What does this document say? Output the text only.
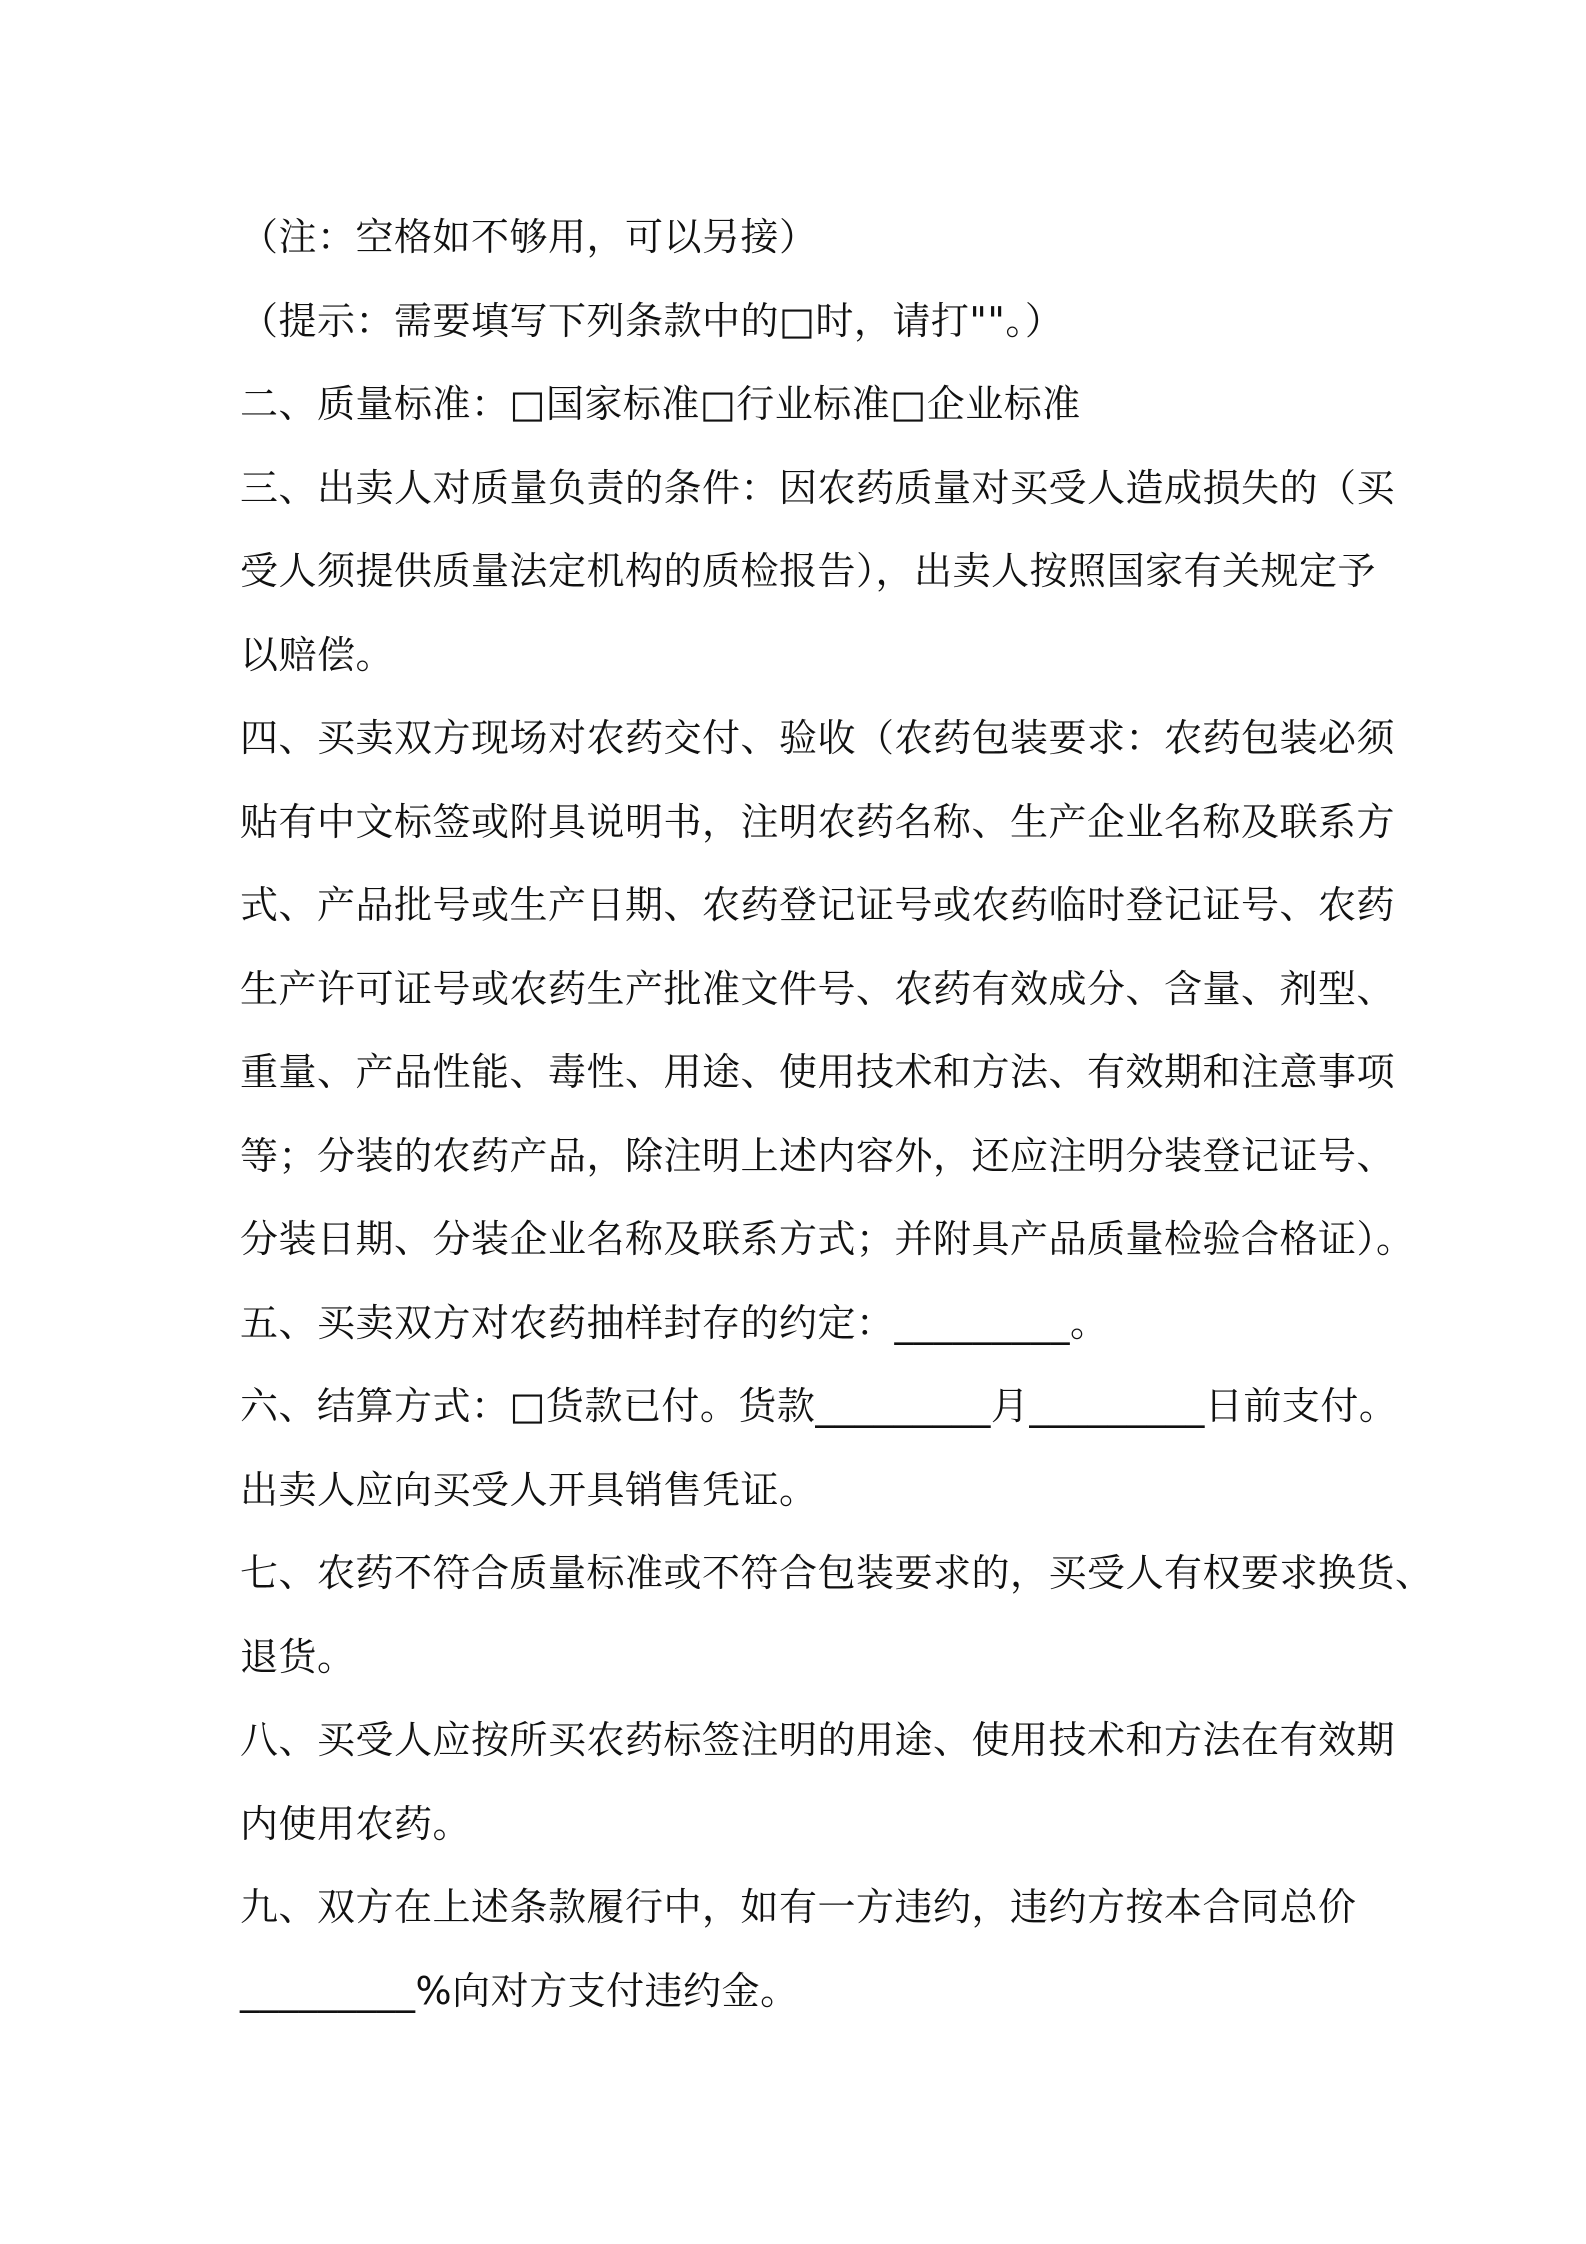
（注：空格如不够用，可以另接）
（提示：需要填写下列条款中的□时，请打""。）
二、质量标准：□国家标准□行业标准□企业标准
三、出卖人对质量负责的条件：因农药质量对买受人造成损失的（买
受人须提供质量法定机构的质检报告），出卖人按照国家有关规定予
以赔偿。
四、买卖双方现场对农药交付、验收（农药包装要求：农药包装必须
贴有中文标签或附具说明书，注明农药名称、生产企业名称及联系方
式、产品批号或生产日期、农药登记证号或农药临时登记证号、农药
生产许可证号或农药生产批准文件号、农药有效成分、含量、剂型、
重量、产品性能、毒性、用途、使用技术和方法、有效期和注意事项
等；分装的农药产品，除注明上述内容外，还应注明分装登记证号、
分装日期、分装企业名称及联系方式；并附具产品质量检验合格证）。
五、买卖双方对农药抽样封存的约定：_________。
六、结算方式：□货款已付。货款_________月_________日前支付。
出卖人应向买受人开具销售凭证。
七、农药不符合质量标准或不符合包装要求的，买受人有权要求换货、
退货。
八、买受人应按所买农药标签注明的用途、使用技术和方法在有效期
内使用农药。
九、双方在上述条款履行中，如有一方违约，违约方按本合同总价
_________%向对方支付违约金。
